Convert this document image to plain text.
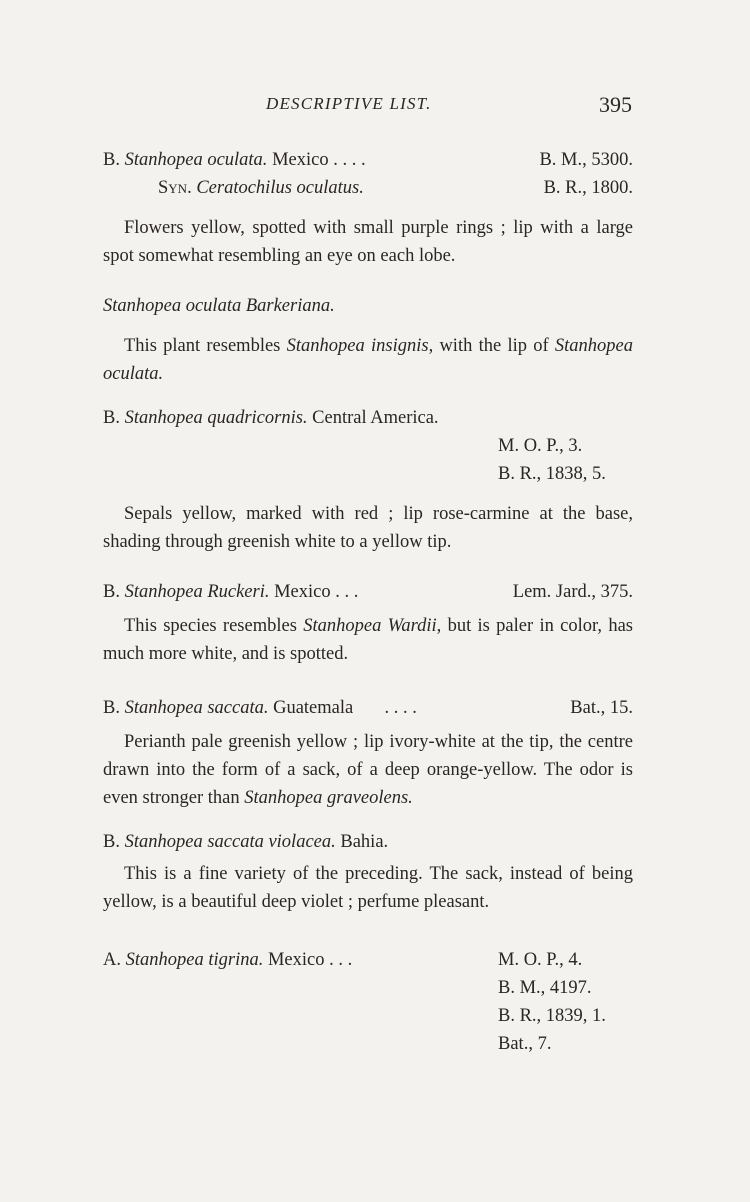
DESCRIPTIVE LIST.	395
B. Stanhopea oculata. Mexico . . . .	B. M., 5300.
Syn. Ceratochilus oculatus.	B. R., 1800.

Flowers yellow, spotted with small purple rings ; lip with a large spot somewhat resembling an eye on each lobe.

Stanhopea oculata Barkeriana.

This plant resembles Stanhopea insignis, with the lip of Stanhopea oculata.

B. Stanhopea quadricornis. Central America.
M. O. P., 3.
B. R., 1838, 5.

Sepals yellow, marked with red ; lip rose-carmine at the base, shading through greenish white to a yellow tip.

B. Stanhopea Ruckeri. Mexico . . .	Lem. Jard., 375.

This species resembles Stanhopea Wardii, but is paler in color, has much more white, and is spotted.

B. Stanhopea saccata. Guatemala . . . .	Bat., 15.

Perianth pale greenish yellow ; lip ivory-white at the tip, the centre drawn into the form of a sack, of a deep orange-yellow. The odor is even stronger than Stanhopea graveolens.

B. Stanhopea saccata violacea. Bahia.

This is a fine variety of the preceding. The sack, instead of being yellow, is a beautiful deep violet ; perfume pleasant.

A. Stanhopea tigrina. Mexico . . .	M. O. P., 4.
B. M., 4197.
B. R., 1839, 1.
Bat., 7.
